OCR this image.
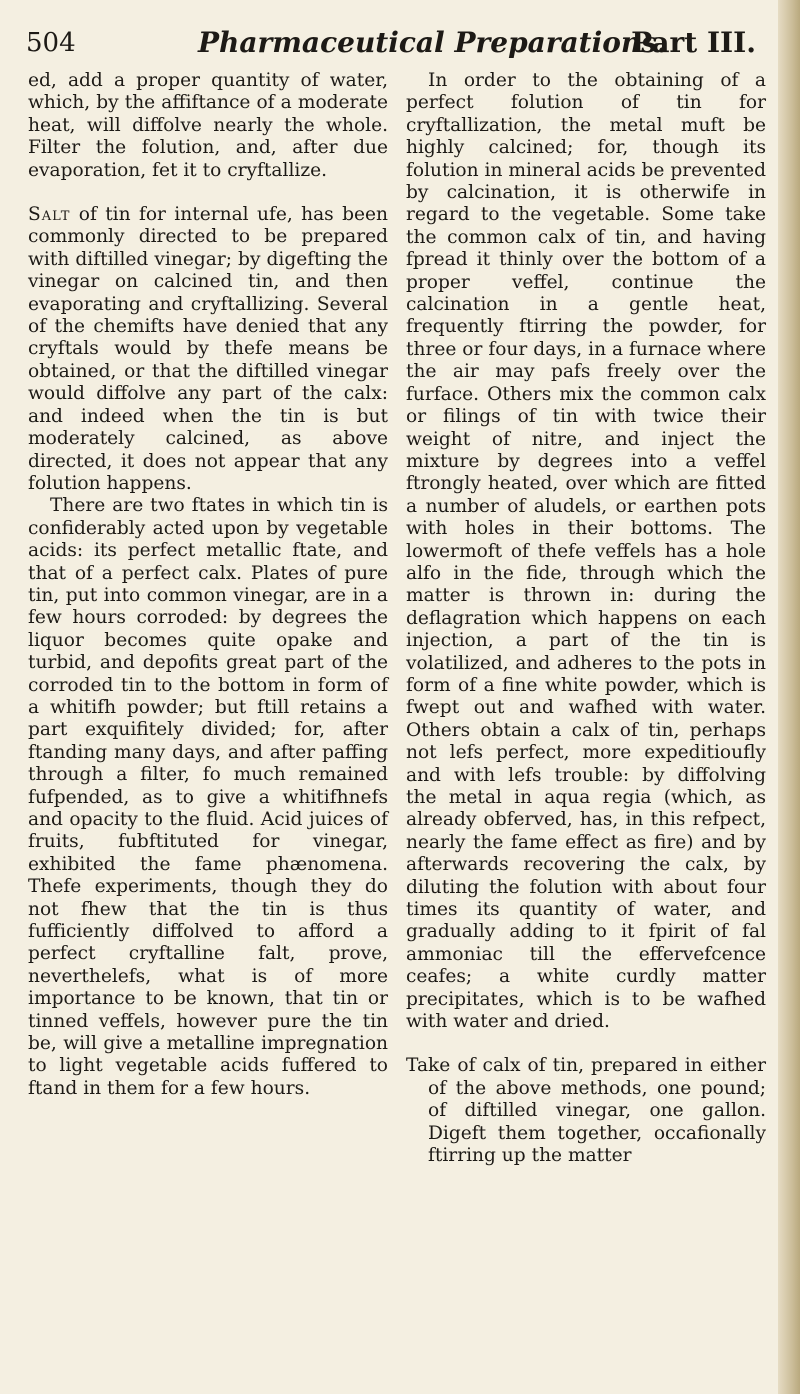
504	Pharmaceutical Preparations.
Part III.

ed, add a proper quantity of water, which, by the affiftance of a moderate heat, will diffolve nearly the whole. Filter the folution, and, after due evaporation, fet it to cryftallize.

Salt of tin for internal ufe, has been commonly directed to be prepared with diftilled vinegar; by digefting the vinegar on calcined tin, and then evaporating and cryftallizing. Several of the chemifts have denied that any cryftals would by thefe means be obtained, or that the diftilled vinegar would diffolve any part of the calx: and indeed when the tin is but moderately calcined, as above directed, it does not appear that any folution happens.

There are two ftates in which tin is confiderably acted upon by vegetable acids: its perfect metallic ftate, and that of a perfect calx. Plates of pure tin, put into common vinegar, are in a few hours corroded: by degrees the liquor becomes quite opake and turbid, and depofits great part of the corroded tin to the bottom in form of a whitifh powder; but ftill retains a part exquifitely divided; for, after ftanding many days, and after paffing through a filter, fo much remained fufpended, as to give a whitifhnefs and opacity to the fluid. Acid juices of fruits, fubftituted for vinegar, exhibited the fame phænomena. Thefe experiments, though they do not fhew that the tin is thus fufficiently diffolved to afford a perfect cryftalline falt, prove, neverthelefs, what is of more importance to be known, that tin or tinned veffels, however pure the tin be, will give a metalline impregnation to light vegetable acids fuffered to ftand in them for a few hours.

In order to the obtaining of a perfect folution of tin for cryftallization, the metal muft be highly calcined; for, though its folution in mineral acids be prevented by calcination, it is otherwife in regard to the vegetable. Some take the common calx of tin, and having fpread it thinly over the bottom of a proper veffel, continue the calcination in a gentle heat, frequently ftirring the powder, for three or four days, in a furnace where the air may pafs freely over the furface. Others mix the common calx or filings of tin with twice their weight of nitre, and inject the mixture by degrees into a veffel ftrongly heated, over which are fitted a number of aludels, or earthen pots with holes in their bottoms. The lowermoft of thefe veffels has a hole alfo in the fide, through which the matter is thrown in: during the deflagration which happens on each injection, a part of the tin is volatilized, and adheres to the pots in form of a fine white powder, which is fwept out and wafhed with water. Others obtain a calx of tin, perhaps not lefs perfect, more expeditioufly and with lefs trouble: by diffolving the metal in aqua regia (which, as already obferved, has, in this refpect, nearly the fame effect as fire) and by afterwards recovering the calx, by diluting the folution with about four times its quantity of water, and gradually adding to it fpirit of fal ammoniac till the effervefcence ceafes; a white curdly matter precipitates, which is to be wafhed with water and dried.

Take of calx of tin, prepared in either of the above methods, one pound; of diftilled vinegar, one gallon. Digeft them together, occafionally ftirring up the matter
